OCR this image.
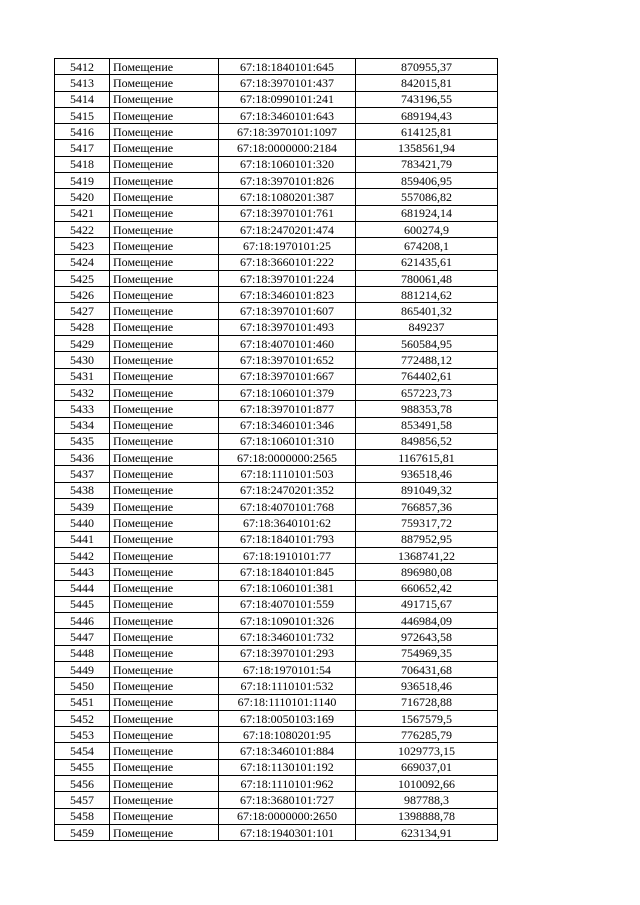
5412	Помещение	67:18:1840101:645	870955,37
5413	Помещение	67:18:3970101:437	842015,81
5414	Помещение	67:18:0990101:241	743196,55
5415	Помещение	67:18:3460101:643	689194,43
5416	Помещение	67:18:3970101:1097	614125,81
5417	Помещение	67:18:0000000:2184	1358561,94
5418	Помещение	67:18:1060101:320	783421,79
5419	Помещение	67:18:3970101:826	859406,95
5420	Помещение	67:18:1080201:387	557086,82
5421	Помещение	67:18:3970101:761	681924,14
5422	Помещение	67:18:2470201:474	600274,9
5423	Помещение	67:18:1970101:25	674208,1
5424	Помещение	67:18:3660101:222	621435,61
5425	Помещение	67:18:3970101:224	780061,48
5426	Помещение	67:18:3460101:823	881214,62
5427	Помещение	67:18:3970101:607	865401,32
5428	Помещение	67:18:3970101:493	849237
5429	Помещение	67:18:4070101:460	560584,95
5430	Помещение	67:18:3970101:652	772488,12
5431	Помещение	67:18:3970101:667	764402,61
5432	Помещение	67:18:1060101:379	657223,73
5433	Помещение	67:18:3970101:877	988353,78
5434	Помещение	67:18:3460101:346	853491,58
5435	Помещение	67:18:1060101:310	849856,52
5436	Помещение	67:18:0000000:2565	1167615,81
5437	Помещение	67:18:1110101:503	936518,46
5438	Помещение	67:18:2470201:352	891049,32
5439	Помещение	67:18:4070101:768	766857,36
5440	Помещение	67:18:3640101:62	759317,72
5441	Помещение	67:18:1840101:793	887952,95
5442	Помещение	67:18:1910101:77	1368741,22
5443	Помещение	67:18:1840101:845	896980,08
5444	Помещение	67:18:1060101:381	660652,42
5445	Помещение	67:18:4070101:559	491715,67
5446	Помещение	67:18:1090101:326	446984,09
5447	Помещение	67:18:3460101:732	972643,58
5448	Помещение	67:18:3970101:293	754969,35
5449	Помещение	67:18:1970101:54	706431,68
5450	Помещение	67:18:1110101:532	936518,46
5451	Помещение	67:18:1110101:1140	716728,88
5452	Помещение	67:18:0050103:169	1567579,5
5453	Помещение	67:18:1080201:95	776285,79
5454	Помещение	67:18:3460101:884	1029773,15
5455	Помещение	67:18:1130101:192	669037,01
5456	Помещение	67:18:1110101:962	1010092,66
5457	Помещение	67:18:3680101:727	987788,3
5458	Помещение	67:18:0000000:2650	1398888,78
5459	Помещение	67:18:1940301:101	623134,91
